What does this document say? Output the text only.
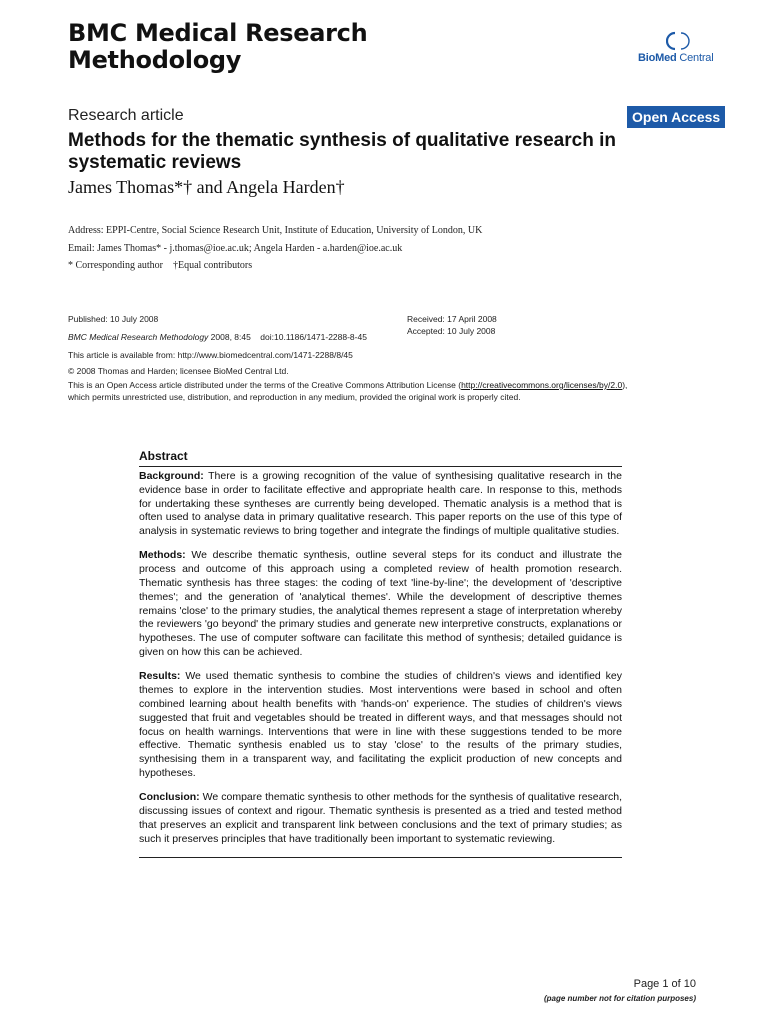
BMC Medical Research
Methodology	BioMed Central
Research article	Open Access
Methods for the thematic synthesis of qualitative research in systematic reviews
James Thomas*† and Angela Harden†
Address: EPPI-Centre, Social Science Research Unit, Institute of Education, University of London, UK
Email: James Thomas* - j.thomas@ioe.ac.uk; Angela Harden - a.harden@ioe.ac.uk
* Corresponding author    †Equal contributors
Published: 10 July 2008
BMC Medical Research Methodology 2008, 8:45    doi:10.1186/1471-2288-8-45
This article is available from: http://www.biomedcentral.com/1471-2288/8/45
Received: 17 April 2008
Accepted: 10 July 2008
© 2008 Thomas and Harden; licensee BioMed Central Ltd.
This is an Open Access article distributed under the terms of the Creative Commons Attribution License (http://creativecommons.org/licenses/by/2.0),
which permits unrestricted use, distribution, and reproduction in any medium, provided the original work is properly cited.
Abstract

Background: There is a growing recognition of the value of synthesising qualitative research in the evidence base in order to facilitate effective and appropriate health care. In response to this, methods for undertaking these syntheses are currently being developed. Thematic analysis is a method that is often used to analyse data in primary qualitative research. This paper reports on the use of this type of analysis in systematic reviews to bring together and integrate the findings of multiple qualitative studies.

Methods: We describe thematic synthesis, outline several steps for its conduct and illustrate the process and outcome of this approach using a completed review of health promotion research. Thematic synthesis has three stages: the coding of text 'line-by-line'; the development of 'descriptive themes'; and the generation of 'analytical themes'. While the development of descriptive themes remains 'close' to the primary studies, the analytical themes represent a stage of interpretation whereby the reviewers 'go beyond' the primary studies and generate new interpretive constructs, explanations or hypotheses. The use of computer software can facilitate this method of synthesis; detailed guidance is given on how this can be achieved.

Results: We used thematic synthesis to combine the studies of children's views and identified key themes to explore in the intervention studies. Most interventions were based in school and often combined learning about health benefits with 'hands-on' experience. The studies of children's views suggested that fruit and vegetables should be treated in different ways, and that messages should not focus on health warnings. Interventions that were in line with these suggestions tended to be more effective. Thematic synthesis enabled us to stay 'close' to the results of the primary studies, synthesising them in a transparent way, and facilitating the explicit production of new concepts and hypotheses.

Conclusion: We compare thematic synthesis to other methods for the synthesis of qualitative research, discussing issues of context and rigour. Thematic synthesis is presented as a tried and tested method that preserves an explicit and transparent link between conclusions and the text of primary studies; as such it preserves principles that have traditionally been important to systematic reviewing.

Page 1 of 10
(page number not for citation purposes)
